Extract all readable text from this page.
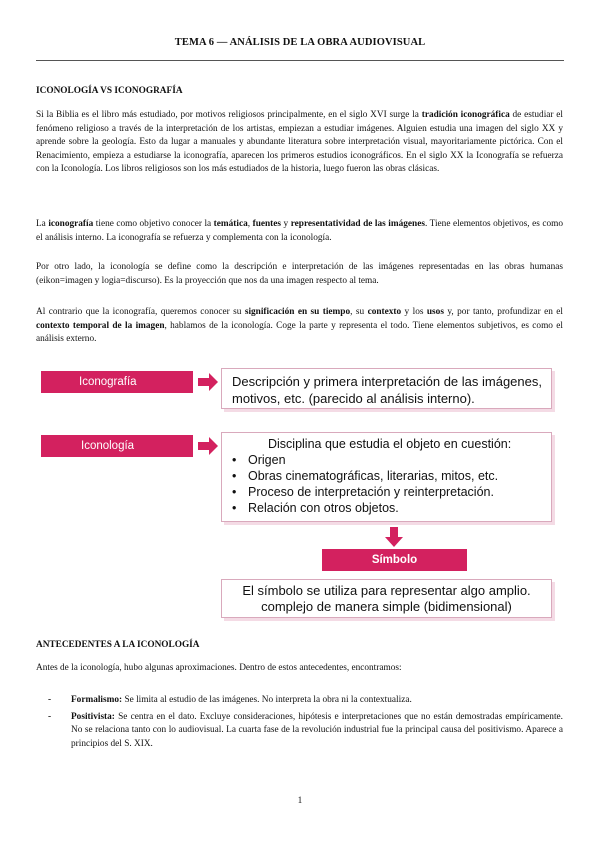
TEMA 6 — ANÁLISIS DE LA OBRA AUDIOVISUAL

ICONOLOGÍA VS ICONOGRAFÍA

Si la Biblia es el libro más estudiado, por motivos religiosos principalmente, en el siglo XVI surge la tradición iconográfica de estudiar el fenómeno religioso a través de la interpretación de los artistas, empiezan a estudiar imágenes. Alguien estudia una imagen del siglo XX y aprende sobre la geología. Esto da lugar a manuales y abundante literatura sobre interpretación visual, mayoritariamente pictórica. Con el Renacimiento, empieza a estudiarse la iconografía, aparecen los primeros estudios iconográficos. En el siglo XX la Iconografía se refuerza con la Iconología. Los libros religiosos son los más estudiados de la historia, luego fueron las obras clásicas.

La iconografía tiene como objetivo conocer la temática, fuentes y representatividad de las imágenes. Tiene elementos objetivos, es como el análisis interno. La iconografía se refuerza y complementa con la iconología.

Por otro lado, la iconología se define como la descripción e interpretación de las imágenes representadas en las obras humanas (eikon=imagen y logia=discurso). Es la proyección que nos da una imagen respecto al tema.

Al contrario que la iconografía, queremos conocer su significación en su tiempo, su contexto y los usos y, por tanto, profundizar en el contexto temporal de la imagen, hablamos de la iconología. Coge la parte y representa el todo. Tiene elementos subjetivos, es como el análisis externo.

Iconografía	Descripción y primera interpretación de las imágenes, motivos, etc. (parecido al análisis interno).
Iconología	Disciplina que estudia el objeto en cuestión:
• Origen
• Obras cinematográficas, literarias, mitos, etc.
• Proceso de interpretación y reinterpretación.
• Relación con otros objetos.
Símbolo
El símbolo se utiliza para representar algo amplio. complejo de manera simple (bidimensional)

ANTECEDENTES A LA ICONOLOGÍA

Antes de la iconología, hubo algunas aproximaciones. Dentro de estos antecedentes, encontramos:

- Formalismo: Se limita al estudio de las imágenes. No interpreta la obra ni la contextualiza.
- Positivista: Se centra en el dato. Excluye consideraciones, hipótesis e interpretaciones que no están demostradas empíricamente. No se relaciona tanto con lo audiovisual. La cuarta fase de la revolución industrial fue la principal causa del positivismo. Aparece a principios del S. XIX.
1
